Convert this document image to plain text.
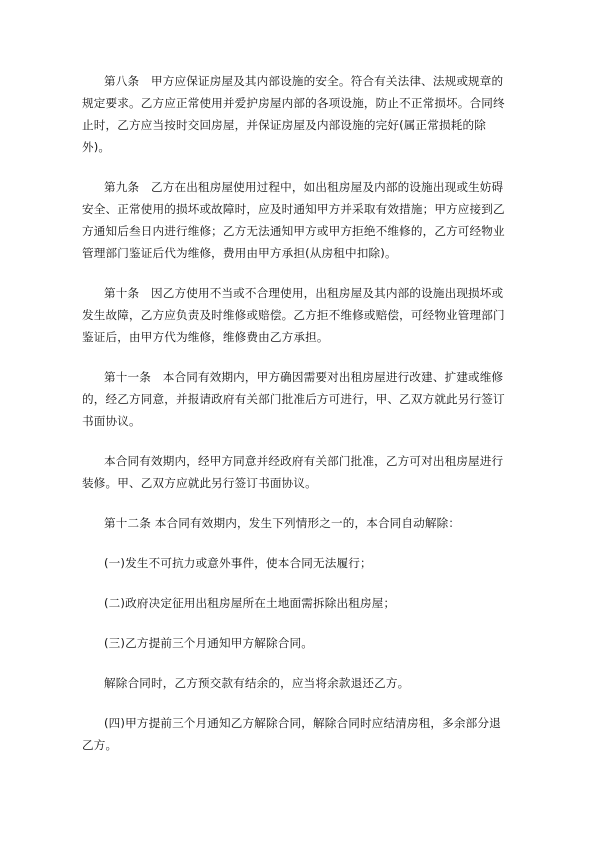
第八条　甲方应保证房屋及其内部设施的安全。符合有关法律、法规或规章的规定要求。乙方应正常使用并爱护房屋内部的各项设施，防止不正常损坏。合同终止时，乙方应当按时交回房屋，并保证房屋及内部设施的完好(属正常损耗的除外)。

第九条　乙方在出租房屋使用过程中，如出租房屋及内部的设施出现或生妨碍安全、正常使用的损坏或故障时，应及时通知甲方并采取有效措施；甲方应接到乙方通知后叁日内进行维修；乙方无法通知甲方或甲方拒绝不维修的，乙方可经物业管理部门鉴证后代为维修，费用由甲方承担(从房租中扣除)。

第十条　因乙方使用不当或不合理使用，出租房屋及其内部的设施出现损坏或发生故障，乙方应负责及时维修或赔偿。乙方拒不维修或赔偿，可经物业管理部门鉴证后，由甲方代为维修，维修费由乙方承担。

第十一条　本合同有效期内，甲方确因需要对出租房屋进行改建、扩建或维修的，经乙方同意，并报请政府有关部门批准后方可进行，甲、乙双方就此另行签订书面协议。

本合同有效期内，经甲方同意并经政府有关部门批准，乙方可对出租房屋进行装修。甲、乙双方应就此另行签订书面协议。

第十二条 本合同有效期内，发生下列情形之一的，本合同自动解除：

(一)发生不可抗力或意外事件，使本合同无法履行；

(二)政府决定征用出租房屋所在土地面需拆除出租房屋；

(三)乙方提前三个月通知甲方解除合同。

解除合同时，乙方预交款有结余的，应当将余款退还乙方。

(四)甲方提前三个月通知乙方解除合同，解除合同时应结清房租，多余部分退乙方。
